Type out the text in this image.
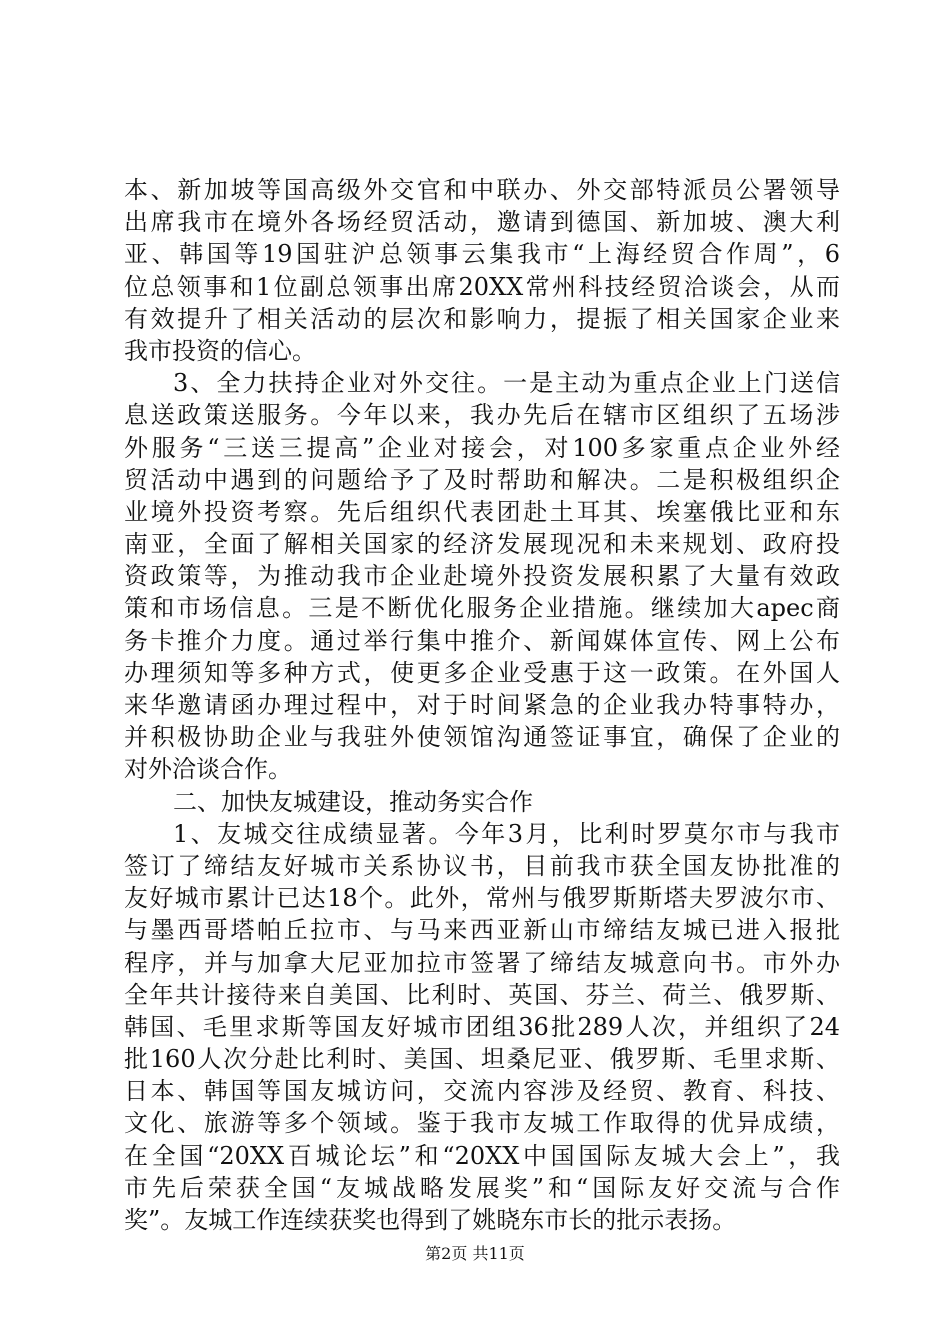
本、新加坡等国高级外交官和中联办、外交部特派员公署领导
出席我市在境外各场经贸活动，邀请到德国、新加坡、澳大利
亚、韩国等19国驻沪总领事云集我市“上海经贸合作周”，6
位总领事和1位副总领事出席20XX常州科技经贸洽谈会，从而
有效提升了相关活动的层次和影响力，提振了相关国家企业来
我市投资的信心。
3、全力扶持企业对外交往。一是主动为重点企业上门送信
息送政策送服务。今年以来，我办先后在辖市区组织了五场涉
外服务“三送三提高”企业对接会，对100多家重点企业外经
贸活动中遇到的问题给予了及时帮助和解决。二是积极组织企
业境外投资考察。先后组织代表团赴土耳其、埃塞俄比亚和东
南亚，全面了解相关国家的经济发展现况和未来规划、政府投
资政策等，为推动我市企业赴境外投资发展积累了大量有效政
策和市场信息。三是不断优化服务企业措施。继续加大apec商
务卡推介力度。通过举行集中推介、新闻媒体宣传、网上公布
办理须知等多种方式，使更多企业受惠于这一政策。在外国人
来华邀请函办理过程中，对于时间紧急的企业我办特事特办，
并积极协助企业与我驻外使领馆沟通签证事宜，确保了企业的
对外洽谈合作。
二、加快友城建设，推动务实合作
1、友城交往成绩显著。今年3月，比利时罗莫尔市与我市
签订了缔结友好城市关系协议书，目前我市获全国友协批准的
友好城市累计已达18个。此外，常州与俄罗斯斯塔夫罗波尔市、
与墨西哥塔帕丘拉市、与马来西亚新山市缔结友城已进入报批
程序，并与加拿大尼亚加拉市签署了缔结友城意向书。市外办
全年共计接待来自美国、比利时、英国、芬兰、荷兰、俄罗斯、
韩国、毛里求斯等国友好城市团组36批289人次，并组织了24
批160人次分赴比利时、美国、坦桑尼亚、俄罗斯、毛里求斯、
日本、韩国等国友城访问，交流内容涉及经贸、教育、科技、
文化、旅游等多个领域。鉴于我市友城工作取得的优异成绩，
在全国“20XX百城论坛”和“20XX中国国际友城大会上”，我
市先后荣获全国“友城战略发展奖”和“国际友好交流与合作
奖”。友城工作连续获奖也得到了姚晓东市长的批示表扬。
第2页 共11页
